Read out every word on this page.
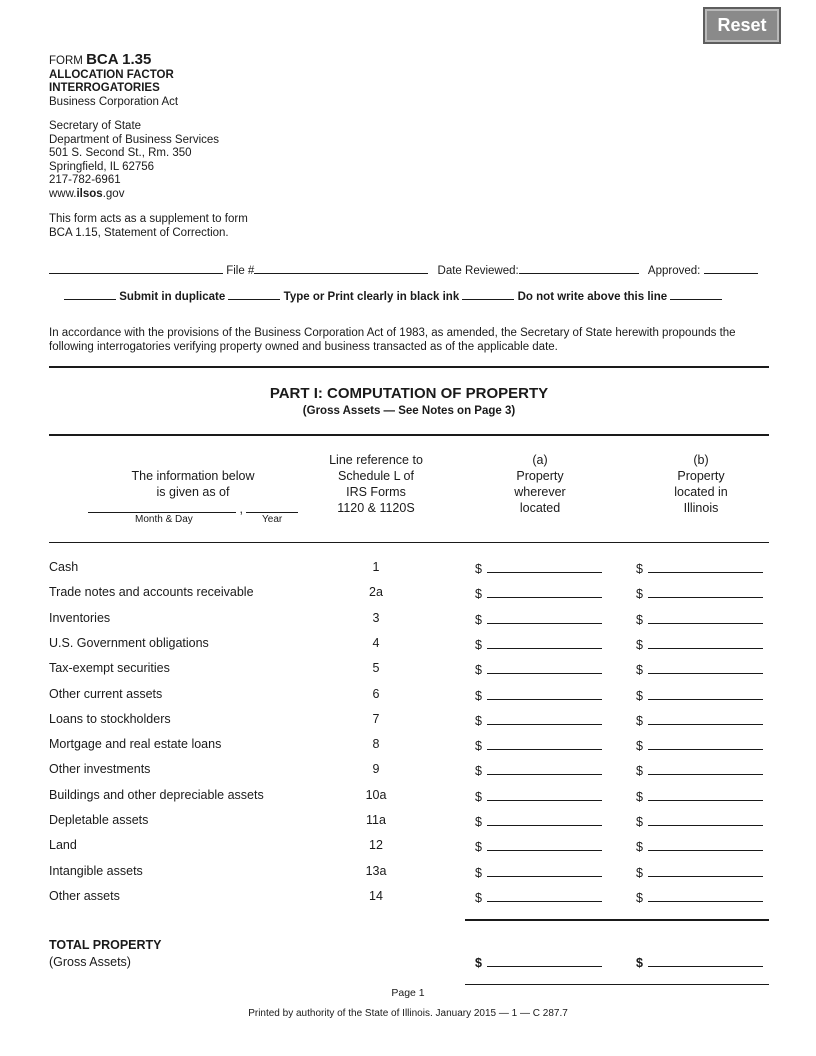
Reset
FORM BCA 1.35
ALLOCATION FACTOR
INTERROGATORIES
Business Corporation Act
Secretary of State
Department of Business Services
501 S. Second St., Rm. 350
Springfield, IL 62756
217-782-6961
www.ilsos.gov
This form acts as a supplement to form
BCA 1.15, Statement of Correction.
File #	Date Reviewed:	Approved:
Submit in duplicate	Type or Print clearly in black ink	Do not write above this line
In accordance with the provisions of the Business Corporation Act of 1983, as amended, the Secretary of State herewith propounds the following interrogatories verifying property owned and business transacted as of the applicable date.
PART I: COMPUTATION OF PROPERTY
(Gross Assets — See Notes on Page 3)
The information below
is given as of
,
Month & Day	Year
Line reference to
Schedule L of
IRS Forms
1120 & 1120S
(a)
Property
wherever
located
(b)
Property
located in
Illinois
Cash	1	$	$
Trade notes and accounts receivable	2a	$	$
Inventories	3	$	$
U.S. Government obligations	4	$	$
Tax-exempt securities	5	$	$
Other current assets	6	$	$
Loans to stockholders	7	$	$
Mortgage and real estate loans	8	$	$
Other investments	9	$	$
Buildings and other depreciable assets	10a	$	$
Depletable assets	11a	$	$
Land	12	$	$
Intangible assets	13a	$	$
Other assets	14	$	$
TOTAL PROPERTY
(Gross Assets)	$	$
Page 1
Printed by authority of the State of Illinois. January 2015 — 1 — C 287.7
